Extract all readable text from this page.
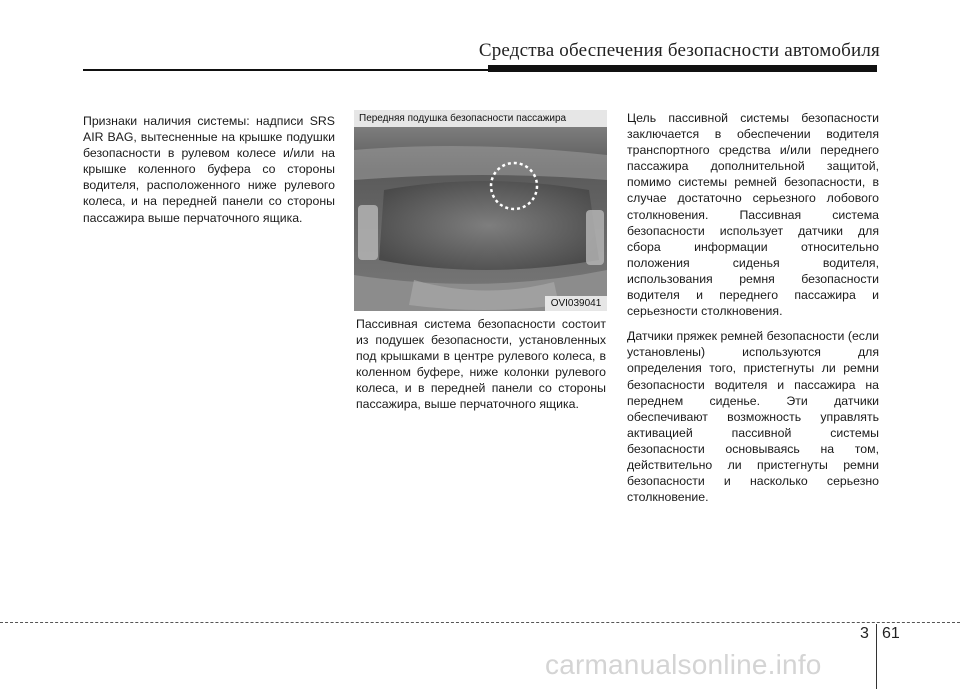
Средства обеспечения безопасности автомобиля

Признаки наличия системы: надписи SRS AIR BAG, вытесненные на крышке подушки безопасности в рулевом колесе и/или на крышке коленного буфера со стороны водителя, расположенного ниже рулевого колеса, и на передней панели со стороны пассажира выше перчаточного ящика.

Передняя подушка безопасности пассажира
OVI039041

Пассивная система безопасности состоит из подушек безопасности, установленных под крышками в центре рулевого колеса, в коленном буфере, ниже колонки рулевого колеса, и в передней панели со стороны пассажира, выше перчаточного ящика.

Цель пассивной системы безопасности заключается в обеспечении водителя транспортного средства и/или переднего пассажира дополнительной защитой, помимо системы ремней безопасности, в случае достаточно серьезного лобового столкновения. Пассивная система безопасности использует датчики для сбора информации относительно положения сиденья водителя, использования ремня безопасности водителя и переднего пассажира и серьезности столкновения.

Датчики пряжек ремней безопасности (если установлены) используются для определения того, пристегнуты ли ремни безопасности водителя и пассажира на переднем сиденье. Эти датчики обеспечивают возможность управлять активацией пассивной системы безопасности основываясь на том, действительно ли пристегнуты ремни безопасности и насколько серьезно столкновение.

3 61
carmanualsonline.info
